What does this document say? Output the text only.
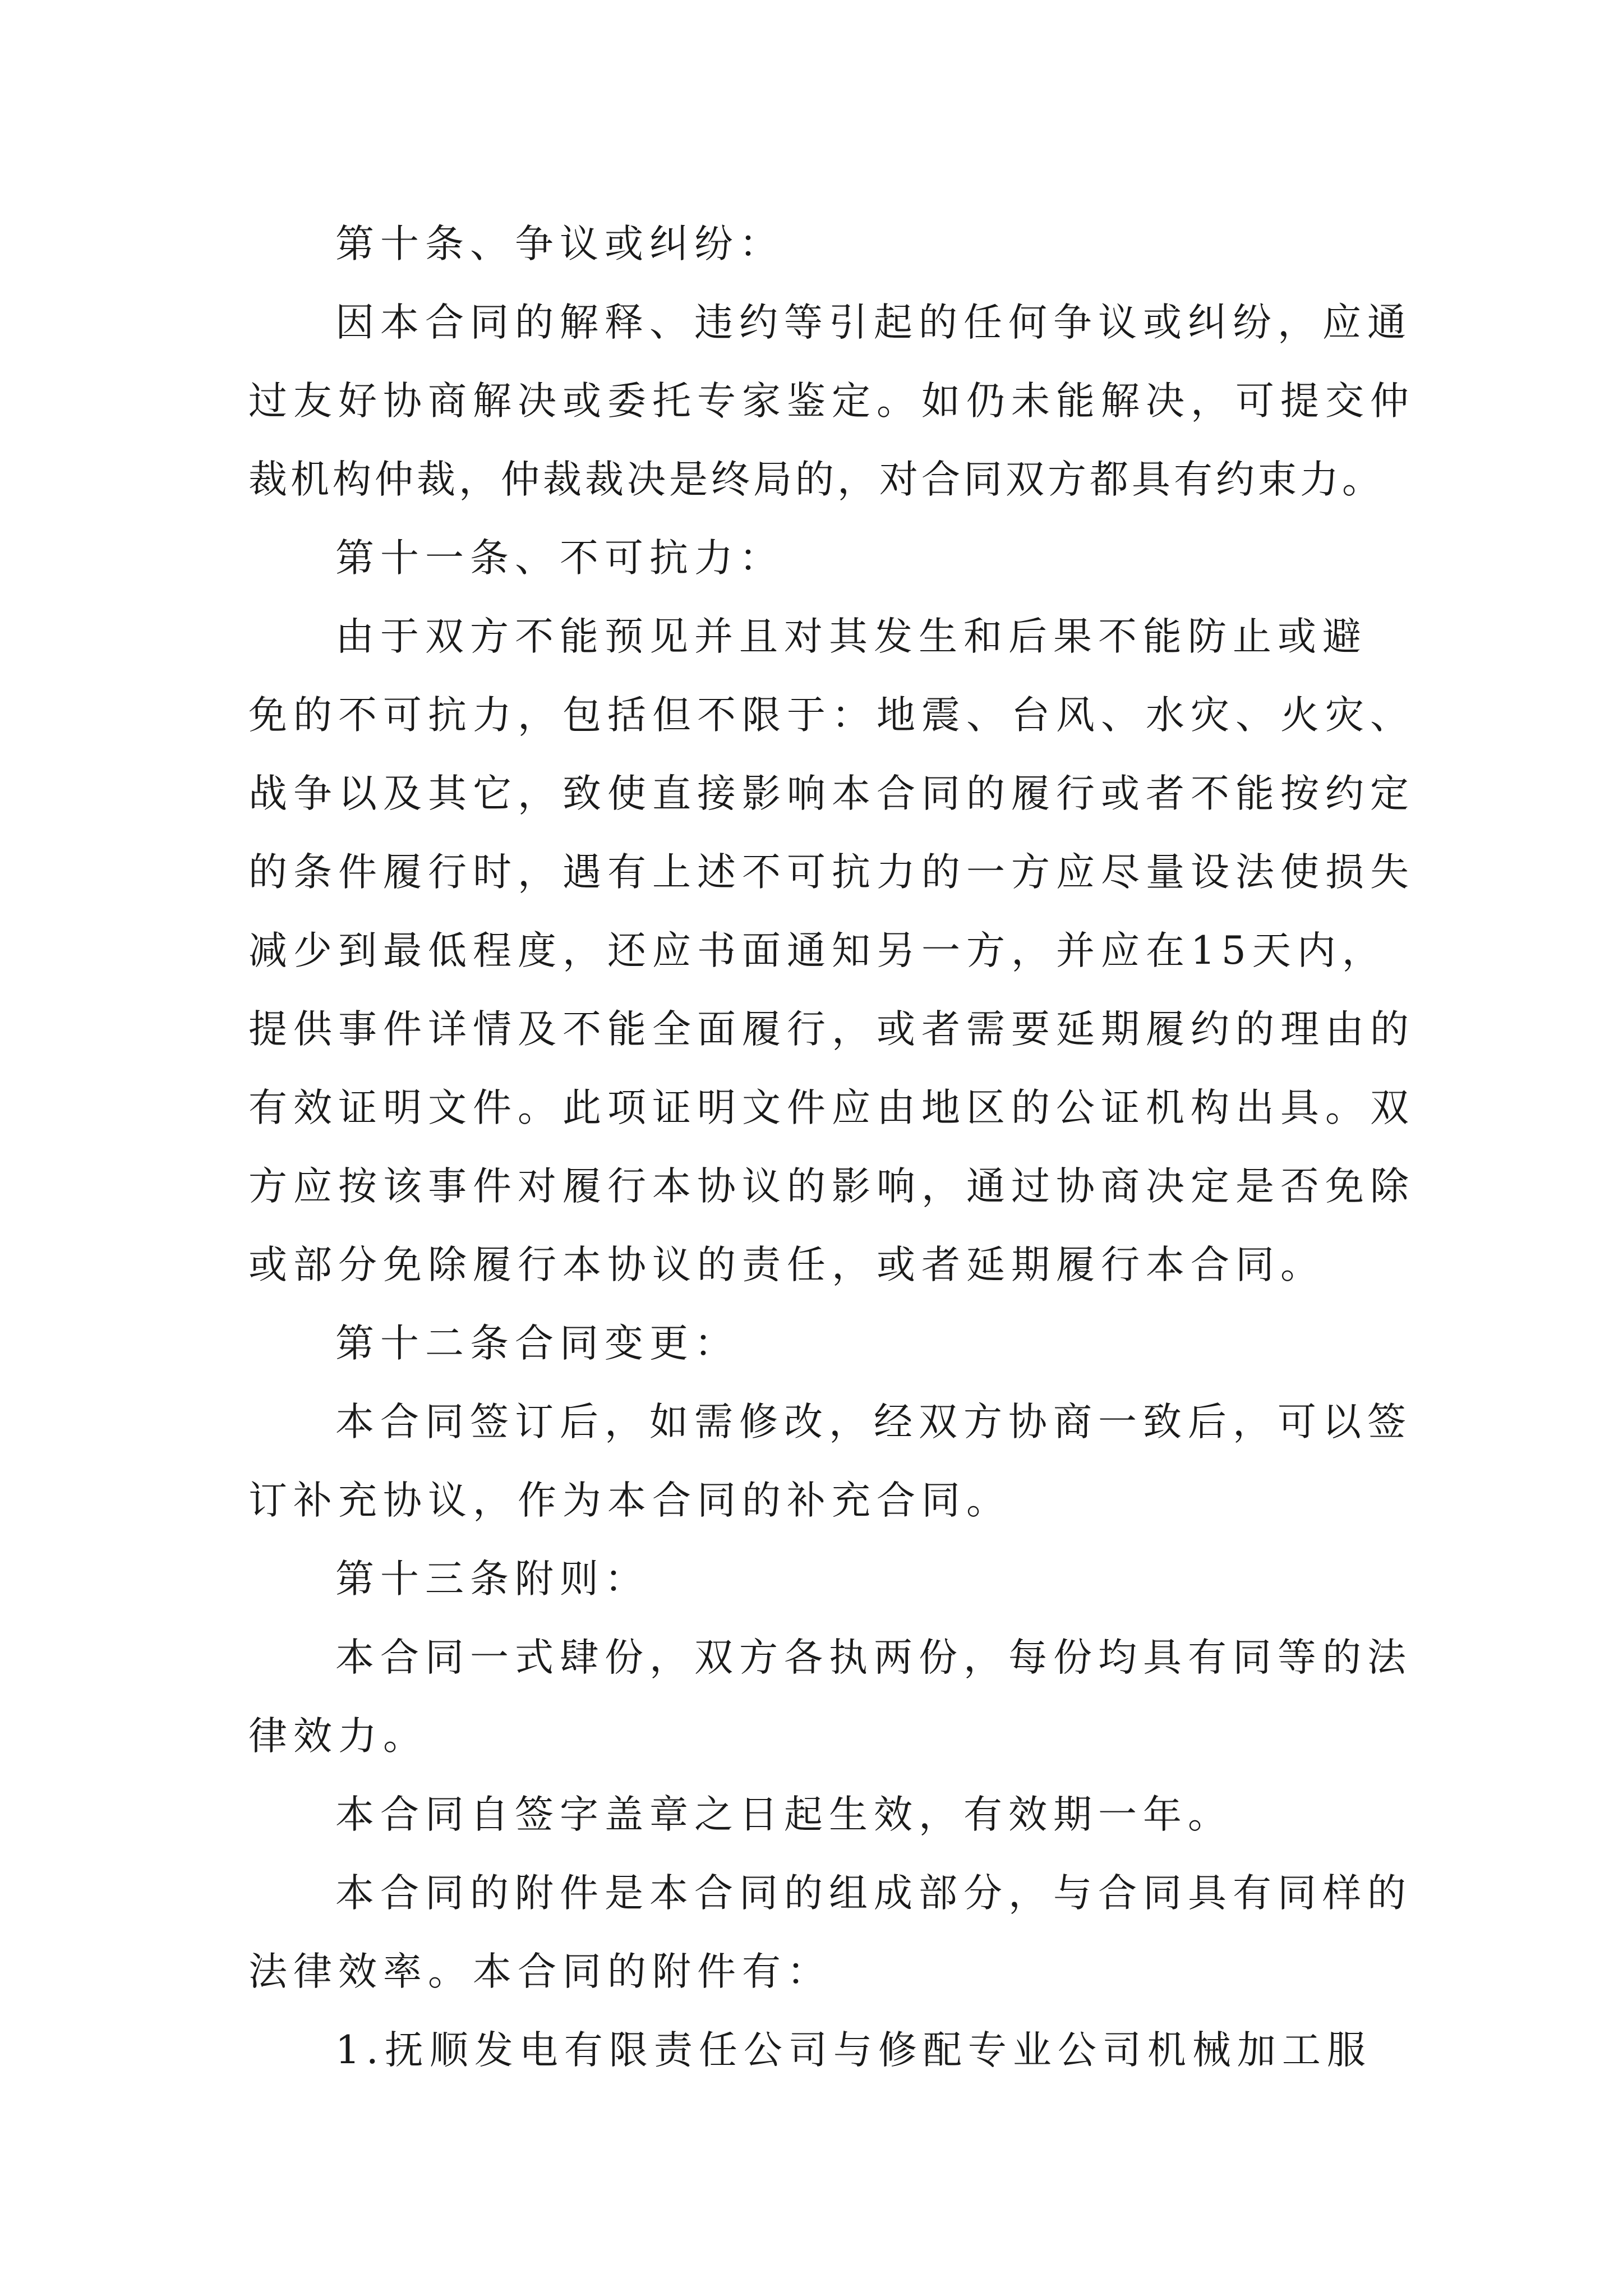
第十条、争议或纠纷：
因本合同的解释、违约等引起的任何争议或纠纷，应通
过友好协商解决或委托专家鉴定。如仍未能解决，可提交仲
裁机构仲裁，仲裁裁决是终局的，对合同双方都具有约束力。
第十一条、不可抗力：
由于双方不能预见并且对其发生和后果不能防止或避
免的不可抗力，包括但不限于：地震、台风、水灾、火灾、
战争以及其它，致使直接影响本合同的履行或者不能按约定
的条件履行时，遇有上述不可抗力的一方应尽量设法使损失
减少到最低程度，还应书面通知另一方，并应在15天内，
提供事件详情及不能全面履行，或者需要延期履约的理由的
有效证明文件。此项证明文件应由地区的公证机构出具。双
方应按该事件对履行本协议的影响，通过协商决定是否免除
或部分免除履行本协议的责任，或者延期履行本合同。
第十二条合同变更：
本合同签订后，如需修改，经双方协商一致后，可以签
订补充协议，作为本合同的补充合同。
第十三条附则：
本合同一式肆份，双方各执两份，每份均具有同等的法
律效力。
本合同自签字盖章之日起生效，有效期一年。
本合同的附件是本合同的组成部分，与合同具有同样的
法律效率。本合同的附件有：
1.抚顺发电有限责任公司与修配专业公司机械加工服
